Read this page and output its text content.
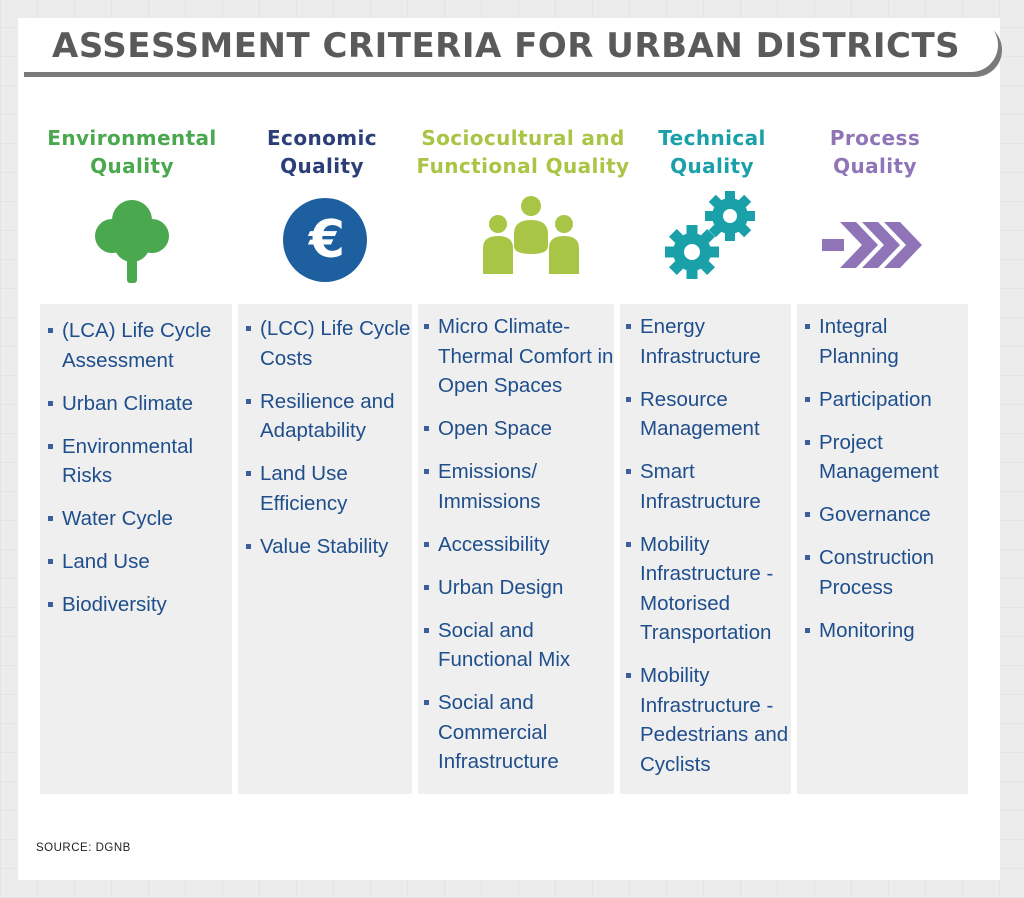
ASSESSMENT CRITERIA FOR URBAN DISTRICTS
Environmental
Quality
Economic
Quality
Sociocultural and
Functional Quality
Technical
Quality
Process
Quality
€
(LCA) Life Cycle Assessment
Urban Climate
Environmental Risks
Water Cycle
Land Use
Biodiversity
(LCC) Life Cycle Costs
Resilience and Adaptability
Land Use Efficiency
Value Stability
Micro Climate-Thermal Comfort in Open Spaces
Open Space
Emissions/ Immissions
Accessibility
Urban Design
Social and Functional Mix
Social and Commercial Infrastructure
Energy Infrastructure
Resource Management
Smart Infrastructure
Mobility Infrastructure - Motorised Transportation
Mobility Infrastructure - Pedestrians and Cyclists
Integral Planning
Participation
Project Management
Governance
Construction Process
Monitoring
SOURCE: DGNB
